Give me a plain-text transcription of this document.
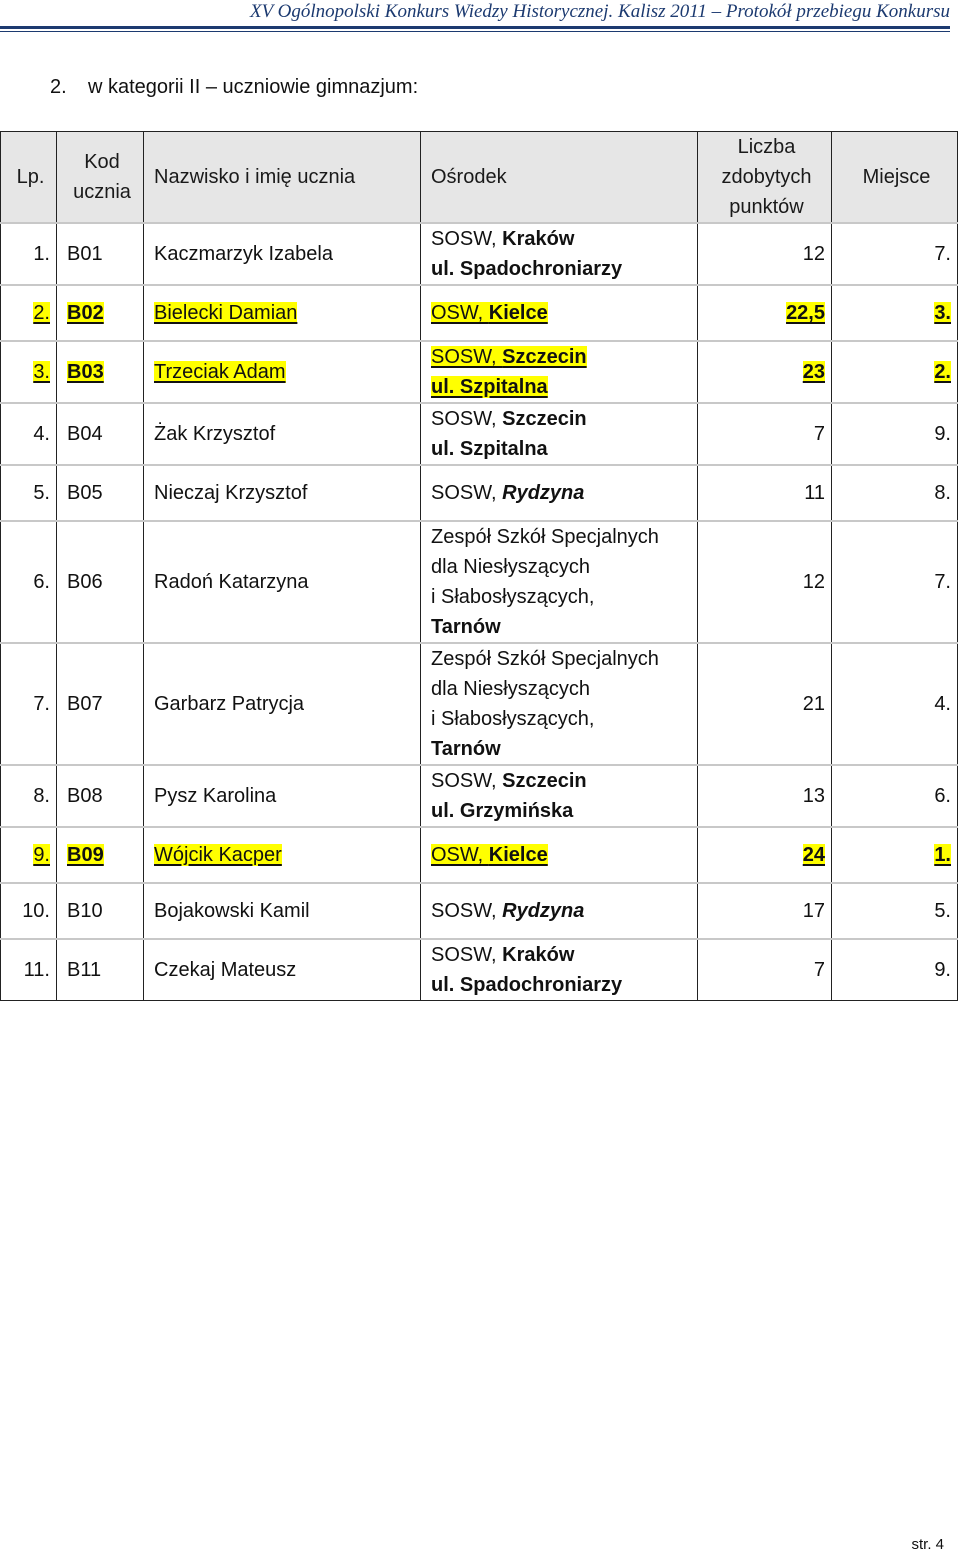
XV Ogólnopolski Konkurs Wiedzy Historycznej. Kalisz 2011 – Protokół przebiegu Konkursu
2. w kategorii II – uczniowie gimnazjum:
Lp.	Kod
ucznia	Nazwisko i imię ucznia	Ośrodek	Liczba
zdobytych
punktów	Miejsce
1.	B01	Kaczmarzyk Izabela	SOSW, Kraków
ul. Spadochroniarzy	12	7.
2.	B02	Bielecki Damian	OSW, Kielce	22,5	3.
3.	B03	Trzeciak Adam	SOSW, Szczecin
ul. Szpitalna	23	2.
4.	B04	Żak Krzysztof	SOSW, Szczecin
ul. Szpitalna	7	9.
5.	B05	Nieczaj Krzysztof	SOSW, Rydzyna	11	8.
6.	B06	Radoń Katarzyna	Zespół Szkół Specjalnych
dla Niesłyszących
i Słabosłyszących,
Tarnów	12	7.
7.	B07	Garbarz Patrycja	Zespół Szkół Specjalnych
dla Niesłyszących
i Słabosłyszących,
Tarnów	21	4.
8.	B08	Pysz Karolina	SOSW, Szczecin
ul. Grzymińska	13	6.
9.	B09	Wójcik Kacper	OSW, Kielce	24	1.
10.	B10	Bojakowski Kamil	SOSW, Rydzyna	17	5.
11.	B11	Czekaj Mateusz	SOSW, Kraków
ul. Spadochroniarzy	7	9.
str. 4
